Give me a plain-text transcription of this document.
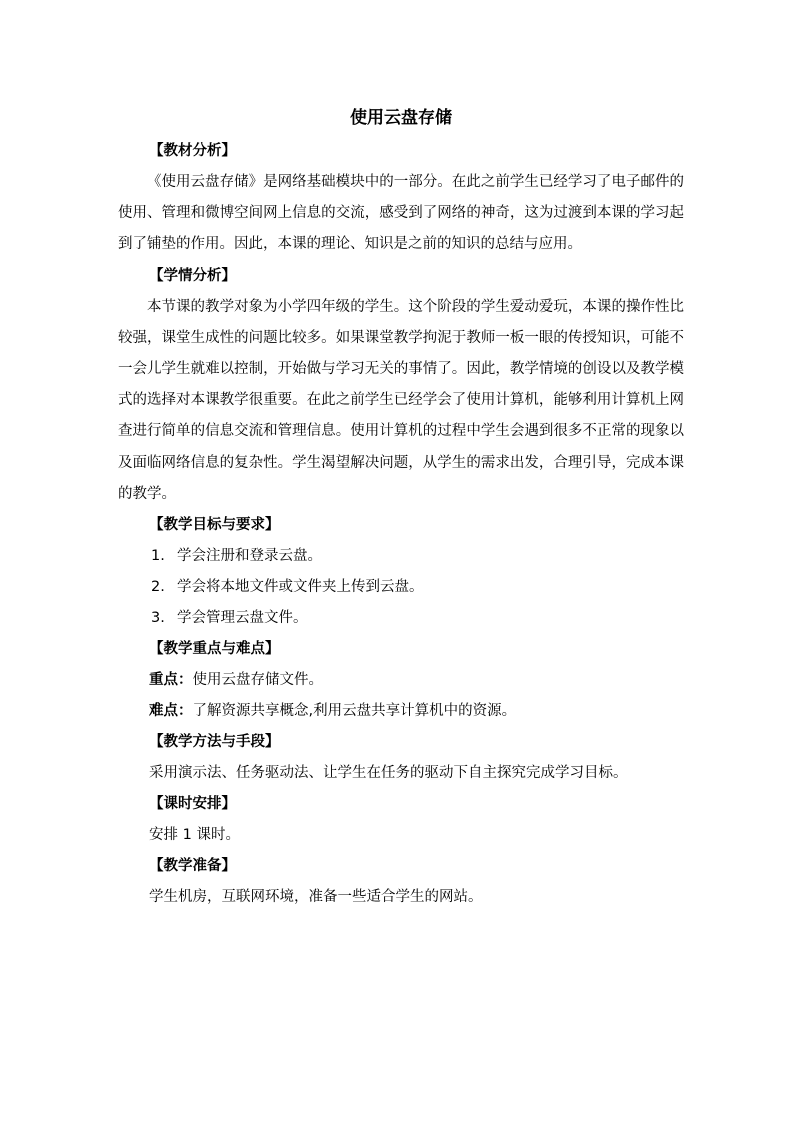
使用云盘存储
【教材分析】

《使用云盘存储》是网络基础模块中的一部分。在此之前学生已经学习了电子邮件的使用、管理和微博空间网上信息的交流，感受到了网络的神奇，这为过渡到本课的学习起到了铺垫的作用。因此，本课的理论、知识是之前的知识的总结与应用。

【学情分析】

本节课的教学对象为小学四年级的学生。这个阶段的学生爱动爱玩，本课的操作性比较强，课堂生成性的问题比较多。如果课堂教学拘泥于教师一板一眼的传授知识，可能不一会儿学生就难以控制，开始做与学习无关的事情了。因此，教学情境的创设以及教学模式的选择对本课教学很重要。在此之前学生已经学会了使用计算机，能够利用计算机上网查进行简单的信息交流和管理信息。使用计算机的过程中学生会遇到很多不正常的现象以及面临网络信息的复杂性。学生渴望解决问题，从学生的需求出发，合理引导，完成本课的教学。

【教学目标与要求】
1. 学会注册和登录云盘。
2. 学会将本地文件或文件夹上传到云盘。
3. 学会管理云盘文件。
【教学重点与难点】
重点：使用云盘存储文件。
难点：了解资源共享概念,利用云盘共享计算机中的资源。
【教学方法与手段】
采用演示法、任务驱动法、让学生在任务的驱动下自主探究完成学习目标。
【课时安排】
安排 1 课时。
【教学准备】
学生机房，互联网环境，准备一些适合学生的网站。
